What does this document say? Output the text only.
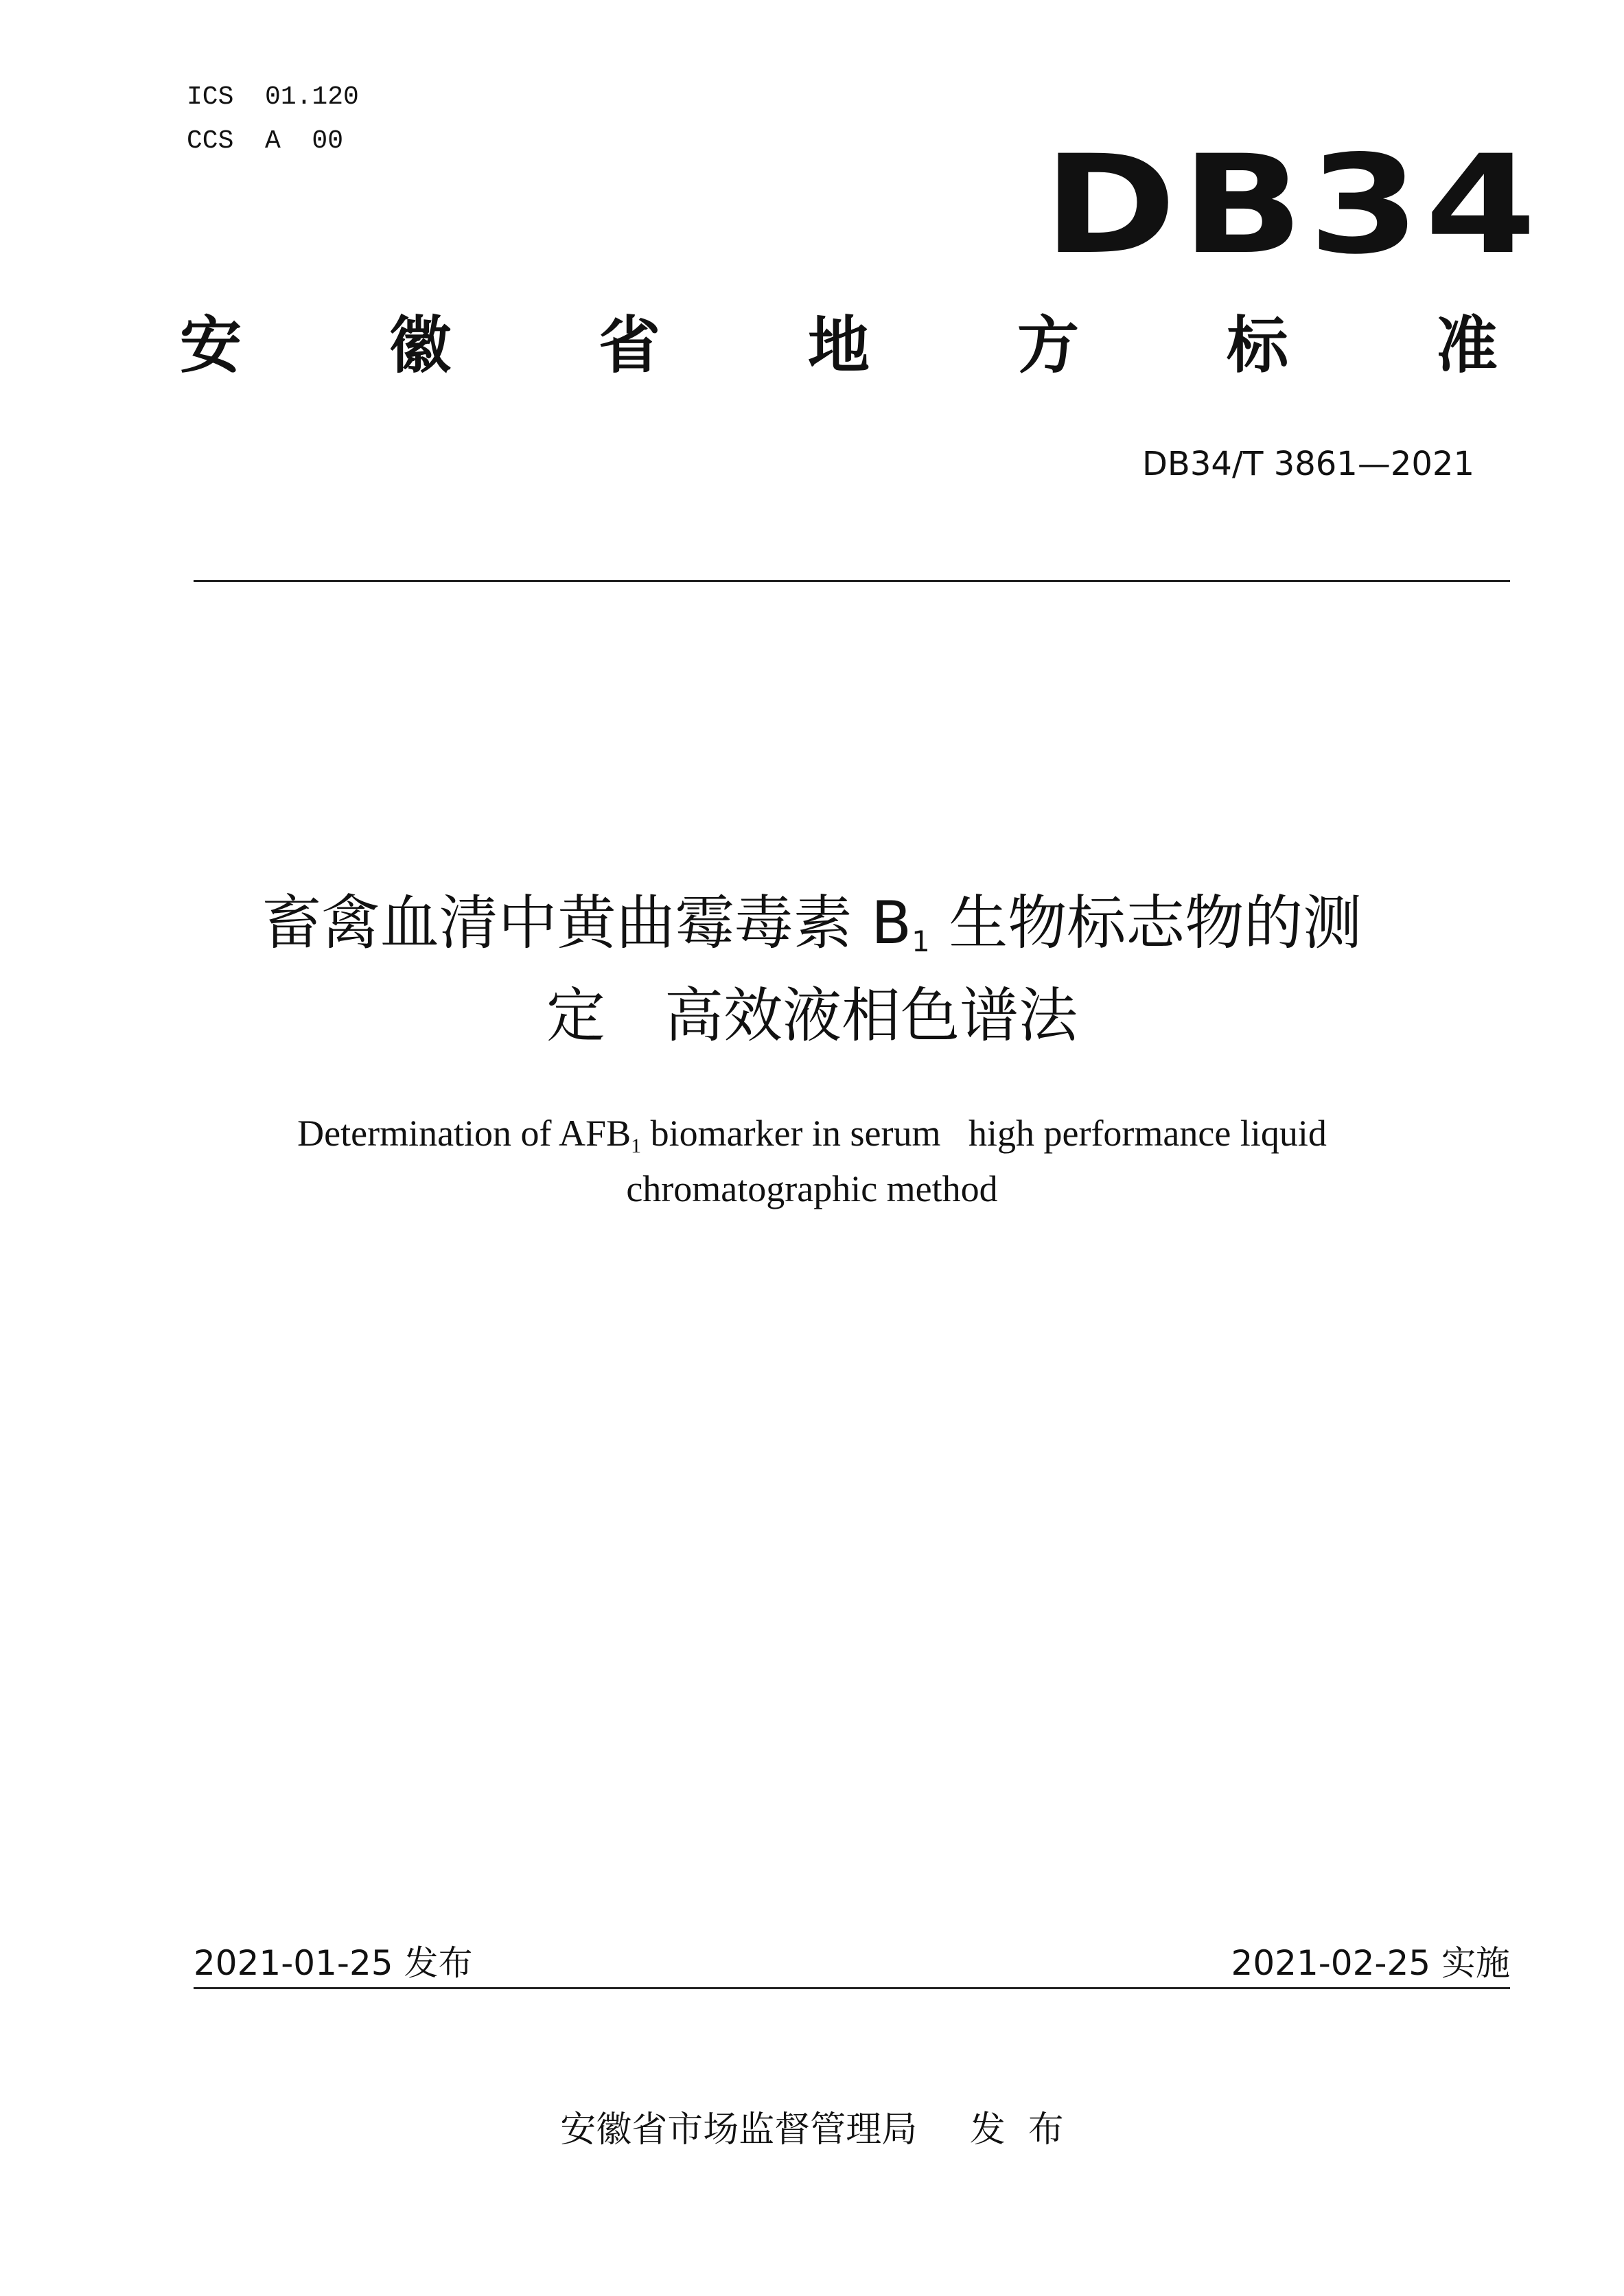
ICS  01.120
CCS  A  00	DB34
安 徽 省 地 方 标 准
DB34/T 3861—2021
畜禽血清中黄曲霉毒素 B1 生物标志物的测
定　高效液相色谱法
Determination of AFB1 biomarker in serum   high performance liquid
chromatographic method
2021-01-25 发布	2021-02-25 实施
安徽省市场监督管理局 发  布
